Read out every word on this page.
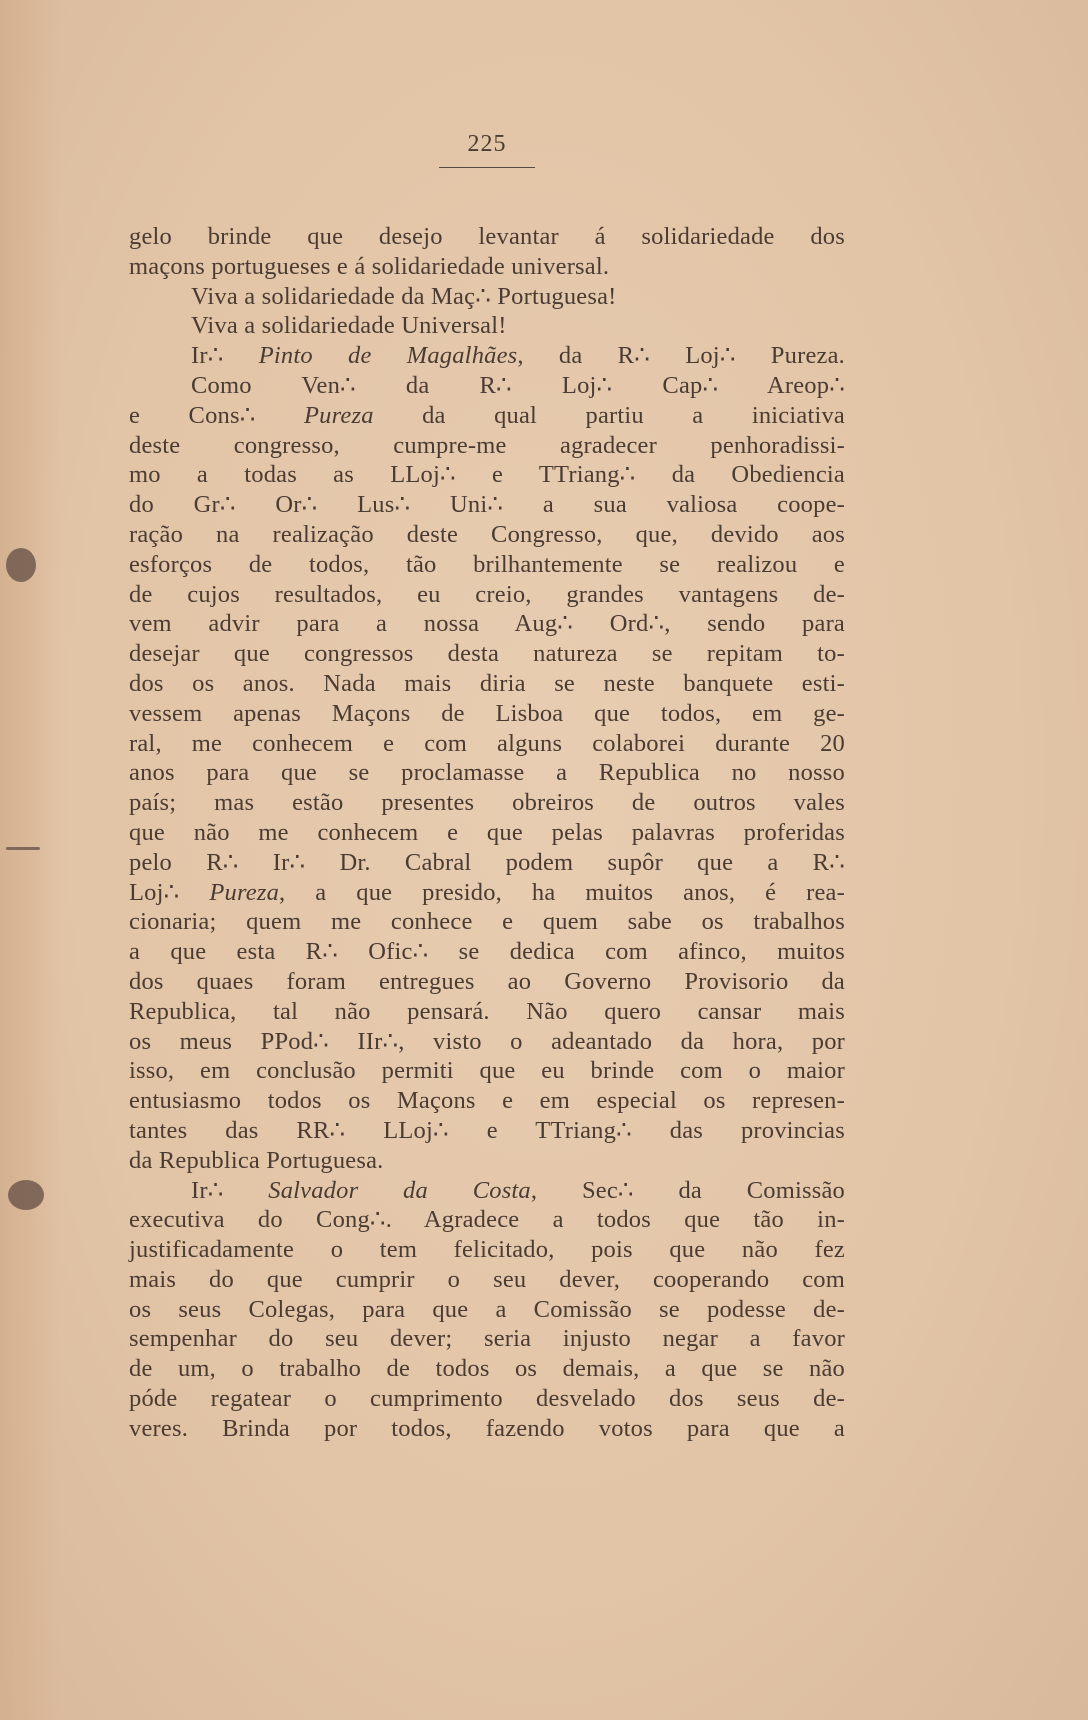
225
gelo brinde que desejo levantar á solidariedade dos
maçons portugueses e á solidariedade universal.
Viva a solidariedade da Maç∴ Portuguesa!
Viva a solidariedade Universal!
Ir∴ Pinto de Magalhães, da R∴ Loj∴ Pureza.
Como Ven∴ da R∴ Loj∴ Cap∴ Areop∴
e Cons∴ Pureza da qual partiu a iniciativa
deste congresso, cumpre-me agradecer penhoradissi-
mo a todas as LLoj∴ e TTriang∴ da Obediencia
do Gr∴ Or∴ Lus∴ Uni∴ a sua valiosa coope-
ração na realização deste Congresso, que, devido aos
esforços de todos, tão brilhantemente se realizou e
de cujos resultados, eu creio, grandes vantagens de-
vem advir para a nossa Aug∴ Ord∴, sendo para
desejar que congressos desta natureza se repitam to-
dos os anos. Nada mais diria se neste banquete esti-
vessem apenas Maçons de Lisboa que todos, em ge-
ral, me conhecem e com alguns colaborei durante 20
anos para que se proclamasse a Republica no nosso
país; mas estão presentes obreiros de outros vales
que não me conhecem e que pelas palavras proferidas
pelo R∴ Ir∴ Dr. Cabral podem supôr que a R∴
Loj∴ Pureza, a que presido, ha muitos anos, é rea-
cionaria; quem me conhece e quem sabe os trabalhos
a que esta R∴ Ofic∴ se dedica com afinco, muitos
dos quaes foram entregues ao Governo Provisorio da
Republica, tal não pensará. Não quero cansar mais
os meus PPod∴ IIr∴, visto o adeantado da hora, por
isso, em conclusão permiti que eu brinde com o maior
entusiasmo todos os Maçons e em especial os represen-
tantes das RR∴ LLoj∴ e TTriang∴ das provincias
da Republica Portuguesa.
Ir∴ Salvador da Costa, Sec∴ da Comissão
executiva do Cong∴. Agradece a todos que tão in-
justificadamente o tem felicitado, pois que não fez
mais do que cumprir o seu dever, cooperando com
os seus Colegas, para que a Comissão se podesse de-
sempenhar do seu dever; seria injusto negar a favor
de um, o trabalho de todos os demais, a que se não
póde regatear o cumprimento desvelado dos seus de-
veres. Brinda por todos, fazendo votos para que a
